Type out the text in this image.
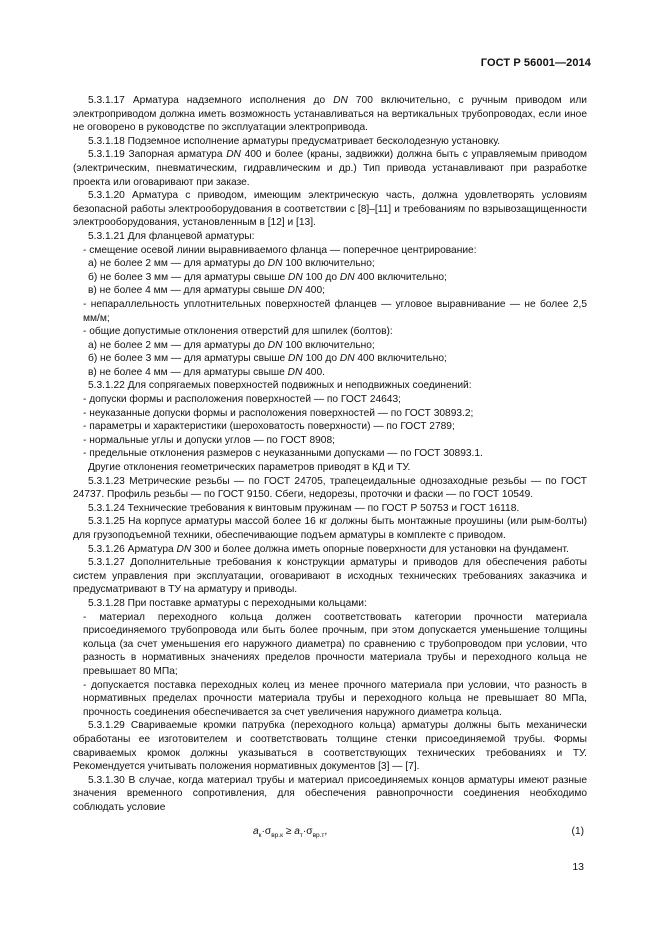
ГОСТ Р 56001—2014

5.3.1.17 Арматура надземного исполнения до DN 700 включительно, с ручным приводом или электроприводом должна иметь возможность устанавливаться на вертикальных трубопроводах, если иное не оговорено в руководстве по эксплуатации электропривода.

5.3.1.18 Подземное исполнение арматуры предусматривает бесколодезную установку.

5.3.1.19 Запорная арматура DN 400 и более (краны, задвижки) должна быть с управляемым приводом (электрическим, пневматическим, гидравлическим и др.) Тип привода устанавливают при разработке проекта или оговаривают при заказе.

5.3.1.20 Арматура с приводом, имеющим электрическую часть, должна удовлетворять условиям безопасной работы электрооборудования в соответствии с [8]–[11] и требованиям по взрывозащищенности электрооборудования, установленным в [12] и [13].

5.3.1.21 Для фланцевой арматуры:

- смещение осевой линии выравниваемого фланца — поперечное центрирование:

а) не более 2 мм — для арматуры до DN 100 включительно;

б) не более 3 мм — для арматуры свыше DN 100 до DN 400 включительно;

в) не более 4 мм — для арматуры свыше DN 400;

- непараллельность уплотнительных поверхностей фланцев — угловое выравнивание — не более 2,5 мм/м;

- общие допустимые отклонения отверстий для шпилек (болтов):

а) не более 2 мм — для арматуры до DN 100 включительно;

б) не более 3 мм — для арматуры свыше DN 100 до DN 400 включительно;

в) не более 4 мм — для арматуры свыше DN 400.

5.3.1.22 Для сопрягаемых поверхностей подвижных и неподвижных соединений:

- допуски формы и расположения поверхностей — по ГОСТ 24643;

- неуказанные допуски формы и расположения поверхностей — по ГОСТ 30893.2;

- параметры и характеристики (шероховатость поверхности) — по ГОСТ 2789;

- нормальные углы и допуски углов — по ГОСТ 8908;

- предельные отклонения размеров с неуказанными допусками — по ГОСТ 30893.1.

Другие отклонения геометрических параметров приводят в КД и ТУ.

5.3.1.23 Метрические резьбы — по ГОСТ 24705, трапецеидальные однозаходные резьбы — по ГОСТ 24737. Профиль резьбы — по ГОСТ 9150. Сбеги, недорезы, проточки и фаски — по ГОСТ 10549.

5.3.1.24 Технические требования к винтовым пружинам — по ГОСТ Р 50753 и ГОСТ 16118.

5.3.1.25 На корпусе арматуры массой более 16 кг должны быть монтажные проушины (или рым-болты) для грузоподъемной техники, обеспечивающие подъем арматуры в комплекте с приводом.

5.3.1.26 Арматура DN 300 и более должна иметь опорные поверхности для установки на фундамент.

5.3.1.27 Дополнительные требования к конструкции арматуры и приводов для обеспечения работы систем управления при эксплуатации, оговаривают в исходных технических требованиях заказчика и предусматривают в ТУ на арматуру и приводы.

5.3.1.28 При поставке арматуры с переходными кольцами:

- материал переходного кольца должен соответствовать категории прочности материала присоединяемого трубопровода или быть более прочным, при этом допускается уменьшение толщины кольца (за счет уменьшения его наружного диаметра) по сравнению с трубопроводом при условии, что разность в нормативных значениях пределов прочности материала трубы и переходного кольца не превышает 80 МПа;

- допускается поставка переходных колец из менее прочного материала при условии, что разность в нормативных пределах прочности материала трубы и переходного кольца не превышает 80 МПа, прочность соединения обеспечивается за счет увеличения наружного диаметра кольца.

5.3.1.29 Свариваемые кромки патрубка (переходного кольца) арматуры должны быть механически обработаны ее изготовителем и соответствовать толщине стенки присоединяемой трубы. Формы свариваемых кромок должны указываться в соответствующих технических требованиях и ТУ. Рекомендуется учитывать положения нормативных документов [3] — [7].

5.3.1.30 В случае, когда материал трубы и материал присоединяемых концов арматуры имеют разные значения временного сопротивления, для обеспечения равнопрочности соединения необходимо соблюдать условие

$a_к\cdot\sigma_{вр.к} \ge a_т\cdot\sigma_{вр.т}$,	(1)
13
